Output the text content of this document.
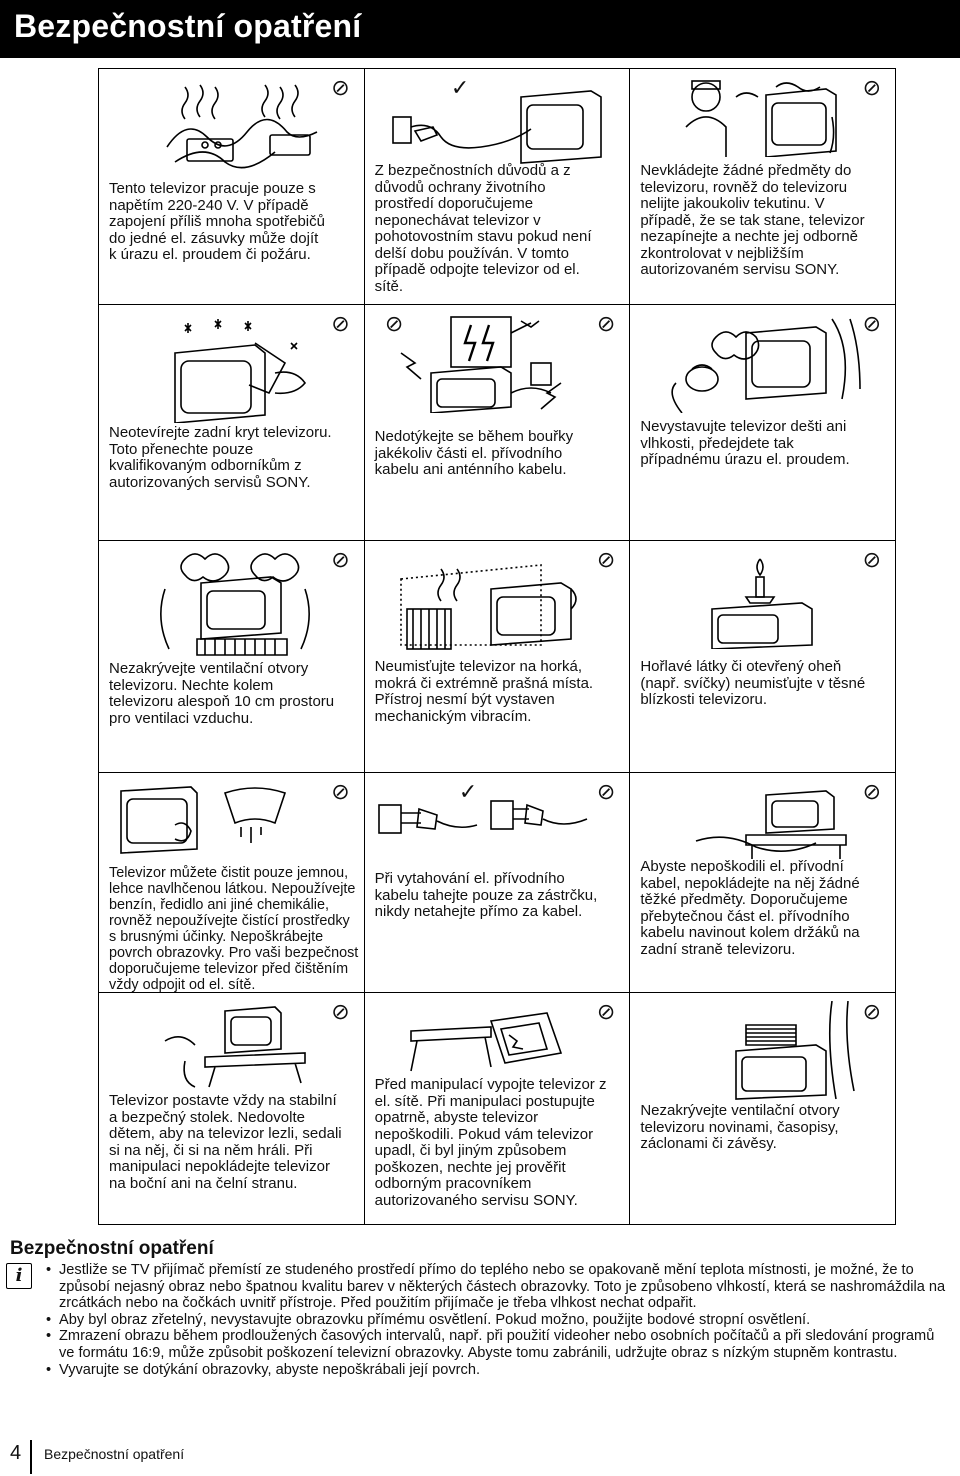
Bezpečnostní opatření
⊘
Tento televizor pracuje pouze s napětím 220-240 V. V případě zapojení příliš mnoha spotřebičů do jedné el. zásuvky může dojít k úrazu el. proudem či požáru.
✓
Z bezpečnostních důvodů a z důvodů ochrany životního prostředí doporučujeme neponechávat televizor v pohotovostním stavu pokud není delší dobu používán. V tomto případě odpojte televizor od el. sítě.
⊘
Nevkládejte žádné předměty do televizoru, rovněž do televizoru nelijte jakoukoliv tekutinu. V případě, že se tak stane, televizor nezapínejte a nechte jej odborně zkontrolovat v nejbližším autorizovaném servisu SONY.
⊘
Neotevírejte zadní kryt televizoru. Toto přenechte pouze kvalifikovaným odborníkům z autorizovaných servisů SONY.
⊘	⊘
Nedotýkejte se během bouřky jakékoliv části el. přívodního kabelu ani anténního kabelu.
⊘
Nevystavujte televizor dešti ani vlhkosti, předejdete tak případnému úrazu el. proudem.
⊘
Nezakrývejte ventilační otvory televizoru. Nechte kolem televizoru alespoň 10 cm prostoru pro ventilaci vzduchu.
⊘
Neumisťujte televizor na horká, mokrá či extrémně prašná místa. Přístroj nesmí být vystaven mechanickým vibracím.
⊘
Hořlavé látky či otevřený oheň (např. svíčky) neumisťujte v těsné blízkosti televizoru.
⊘
Televizor můžete čistit pouze jemnou, lehce navlhčenou látkou. Nepoužívejte benzín, ředidlo ani jiné chemikálie, rovněž nepoužívejte čistící prostředky s brusnými účinky. Nepoškrábejte povrch obrazovky. Pro vaši bezpečnost doporučujeme televizor před čištěním vždy odpojit od el. sítě.
✓	⊘
Při vytahování el. přívodního kabelu tahejte pouze za zástrčku, nikdy netahejte přímo za kabel.
⊘
Abyste nepoškodili el. přívodní kabel, nepokládejte na něj žádné těžké předměty. Doporučujeme přebytečnou část el. přívodního kabelu navinout kolem držáků na zadní straně televizoru.
⊘
Televizor postavte vždy na stabilní a bezpečný stolek. Nedovolte dětem, aby na televizor lezli, sedali si na něj, či si na něm hráli. Při manipulaci nepokládejte televizor na boční ani na čelní stranu.
⊘
Před manipulací vypojte televizor z el. sítě. Při manipulaci postupujte opatrně, abyste televizor nepoškodili. Pokud vám televizor upadl, či byl jiným způsobem poškozen, nechte jej prověřit odborným pracovníkem autorizovaného servisu SONY.
⊘
Nezakrývejte ventilační otvory televizoru novinami, časopisy, záclonami či závěsy.
Bezpečnostní opatření
i
•	Jestliže se TV přijímač přemístí ze studeného prostředí přímo do teplého nebo se opakovaně mění teplota místnosti, je možné, že to způsobí nejasný obraz nebo špatnou kvalitu barev v některých částech obrazovky. Toto je způsobeno vlhkostí, která se nashromáždila na zrcátkách nebo na čočkách uvnitř přístroje. Před použitím přijímače je třeba vlhkost nechat odpařit.
• Aby byl obraz zřetelný, nevystavujte obrazovku přímému osvětlení. Pokud možno, použijte bodové stropní osvětlení.
• Zmrazení obrazu během prodloužených časových intervalů, např. při použití videoher nebo osobních počítačů a při sledování programů ve formátu 16:9, může způsobit poškození televizní obrazovky. Abyste tomu zabránili, udržujte obraz s nízkým stupněm kontrastu.
• Vyvarujte se dotýkání obrazovky, abyste nepoškrábali její povrch.
4 Bezpečnostní opatření
